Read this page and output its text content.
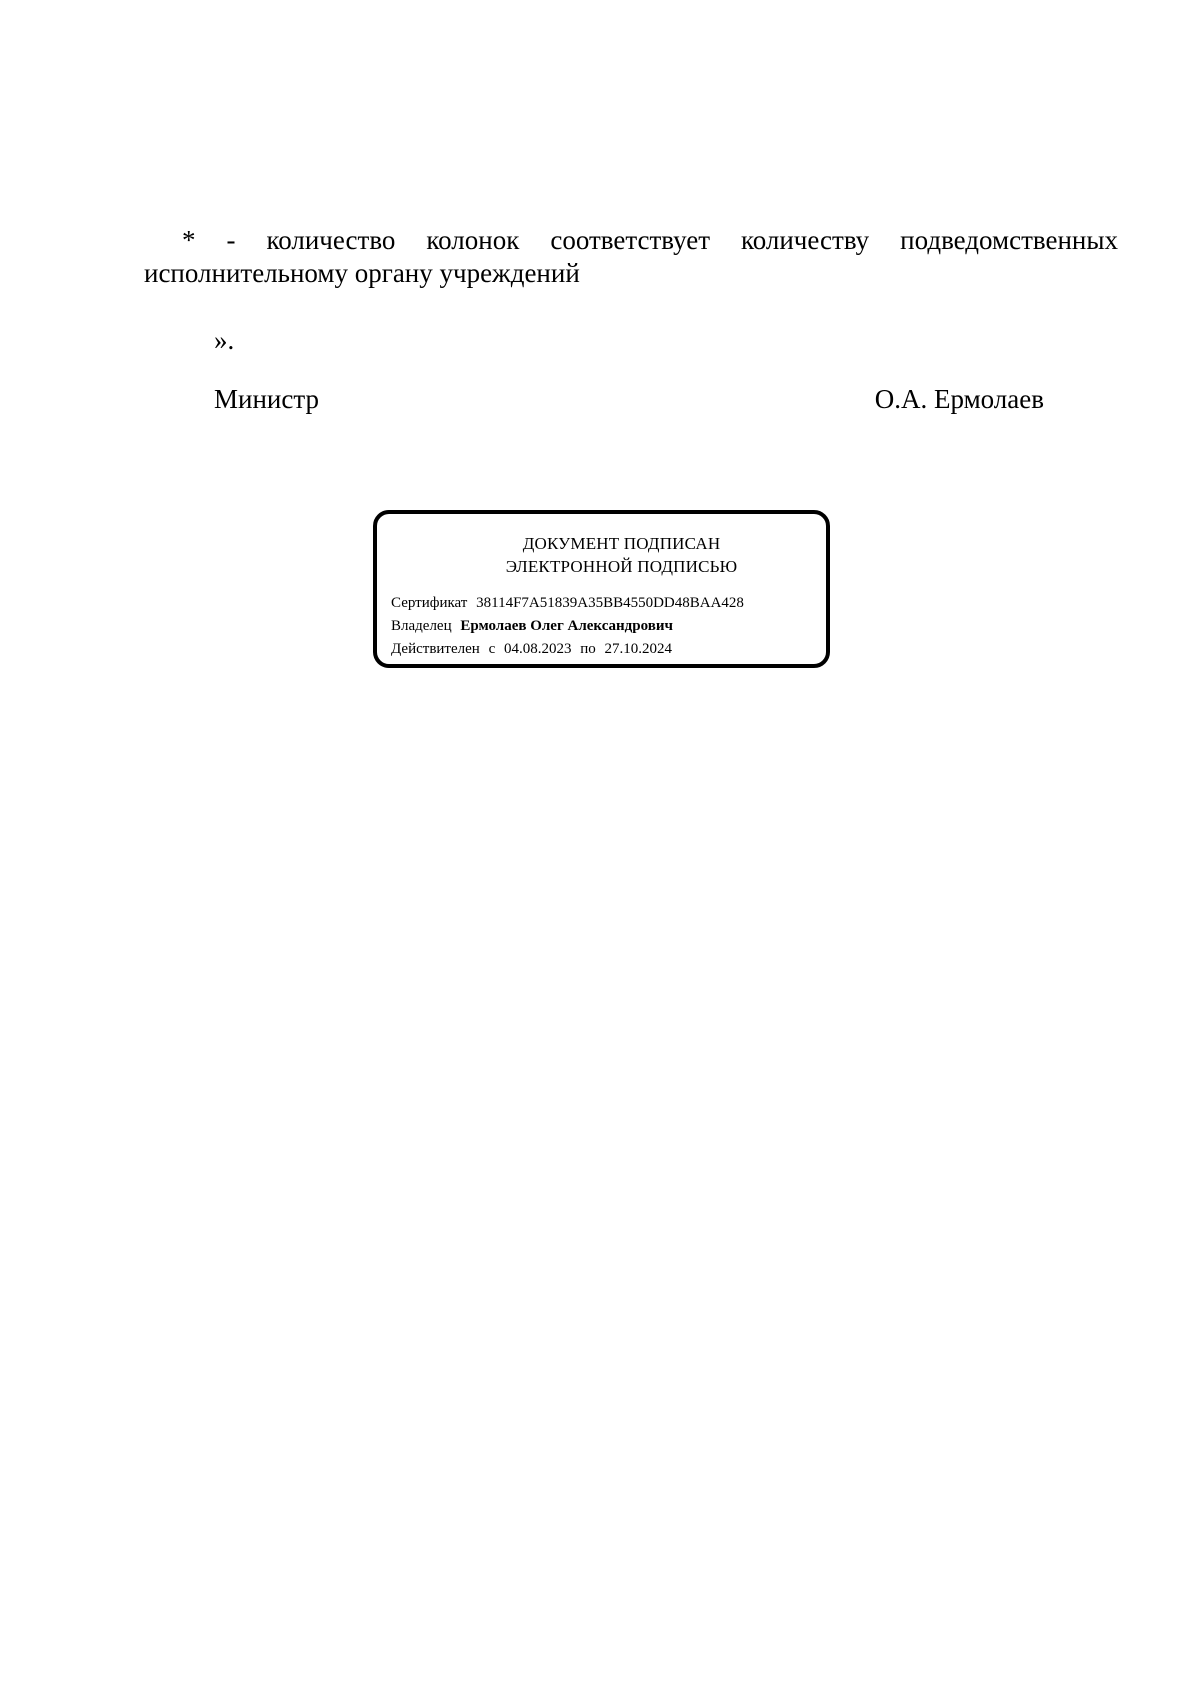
* - количество колонок соответствует количеству подведомственных исполнительному органу учреждений

».

Министр	О.А. Ермолаев
ДОКУМЕНТ ПОДПИСАН
ЭЛЕКТРОННОЙ ПОДПИСЬЮ
Сертификат 38114F7A51839A35BB4550DD48BAA428
Владелец Ермолаев Олег Александрович
Действителен с 04.08.2023 по 27.10.2024
